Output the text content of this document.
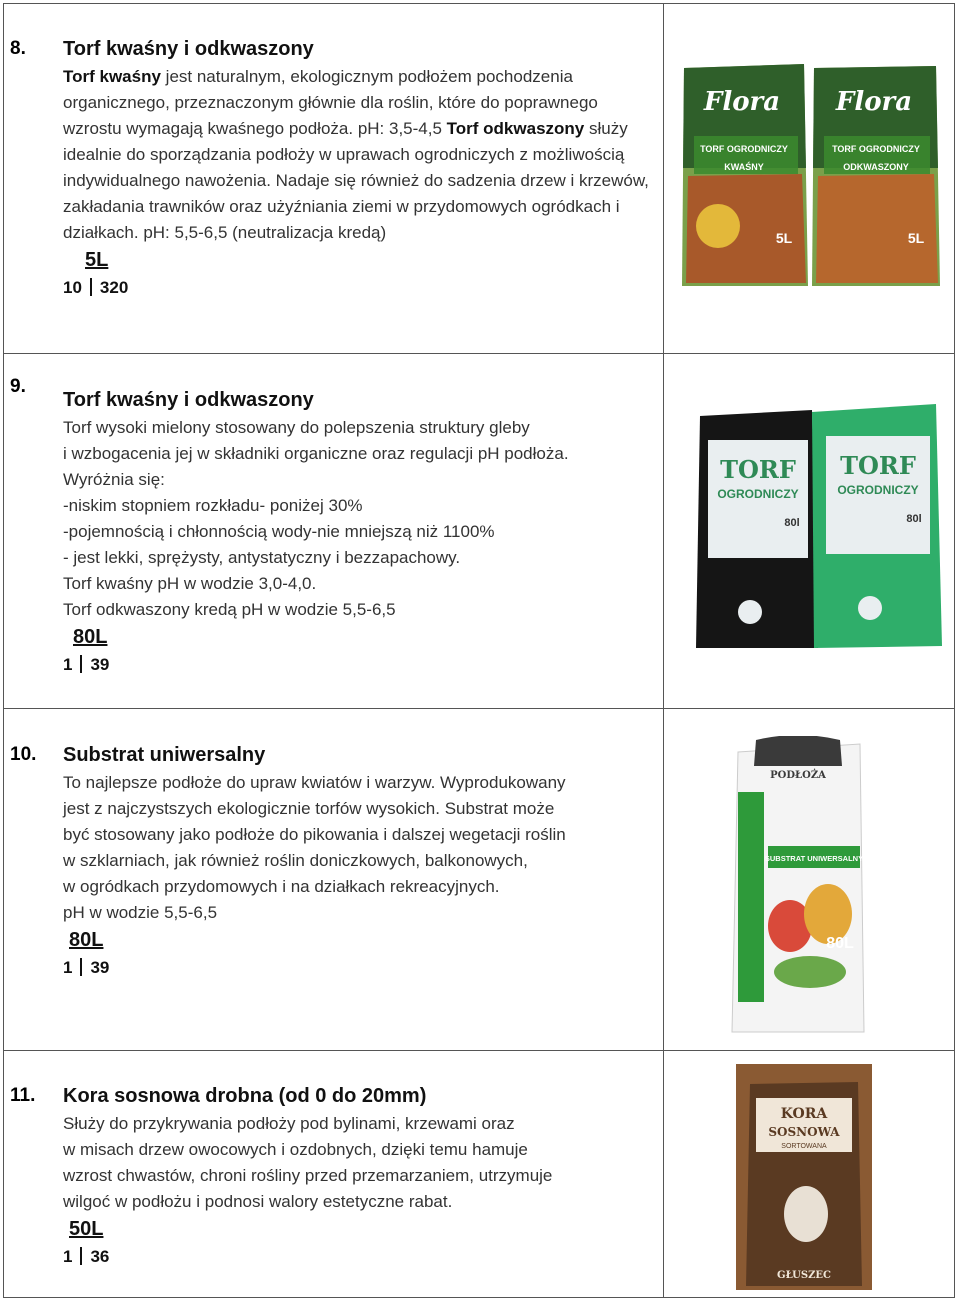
8. Torf kwaśny i odkwaszony

Torf kwaśny jest naturalnym, ekologicznym podłożem pochodzenia organicznego, przeznaczonym głównie dla roślin, które do poprawnego wzrostu wymagają kwaśnego podłoża. pH: 3,5-4,5 Torf odkwaszony służy idealnie do sporządzania podłoży w uprawach ogrodniczych z możliwością indywidualnego nawożenia. Nadaje się również do sadzenia drzew i krzewów, zakładania trawników oraz użyźniania ziemi w przydomowych ogródkach i działkach. pH: 5,5-6,5 (neutralizacja kredą)

5L
10 320
Flora
TORF OGRODNICZY
KWAŚNY
5L
Flora
TORF OGRODNICZY
ODKWASZONY
5L
9.
Torf kwaśny i odkwaszony
Torf wysoki mielony stosowany do polepszenia struktury gleby
i wzbogacenia jej w składniki organiczne oraz regulacji pH podłoża.
Wyróżnia się:
-niskim stopniem rozkładu- poniżej 30%
-pojemnością i chłonnością wody-nie mniejszą niż 1100%
- jest lekki, sprężysty, antystatyczny i bezzapachowy.
Torf kwaśny pH w wodzie 3,0-4,0.
Torf odkwaszony kredą pH w wodzie 5,5-6,5
80L
1 39
TORF
OGRODNICZY
80l
TORF
OGRODNICZY
80l
10. Substrat uniwersalny
To najlepsze podłoże do upraw kwiatów i warzyw. Wyprodukowany
jest z najczystszych ekologicznie torfów wysokich. Substrat może
być stosowany jako podłoże do pikowania i dalszej wegetacji roślin
w szklarniach, jak również roślin doniczkowych, balkonowych,
w ogródkach przydomowych i na działkach rekreacyjnych.
pH w wodzie 5,5-6,5
80L
1 39
PODŁOŻA
SUBSTRAT UNIWERSALNY
80L
11. Kora sosnowa drobna (od 0 do 20mm)
Służy do przykrywania podłoży pod bylinami, krzewami oraz
w misach drzew owocowych i ozdobnych, dzięki temu hamuje
wzrost chwastów, chroni rośliny przed przemarzaniem, utrzymuje
wilgoć w podłożu i podnosi walory estetyczne rabat.
50L
1 36
KORA
SOSNOWA
SORTOWANA
GŁUSZEC
